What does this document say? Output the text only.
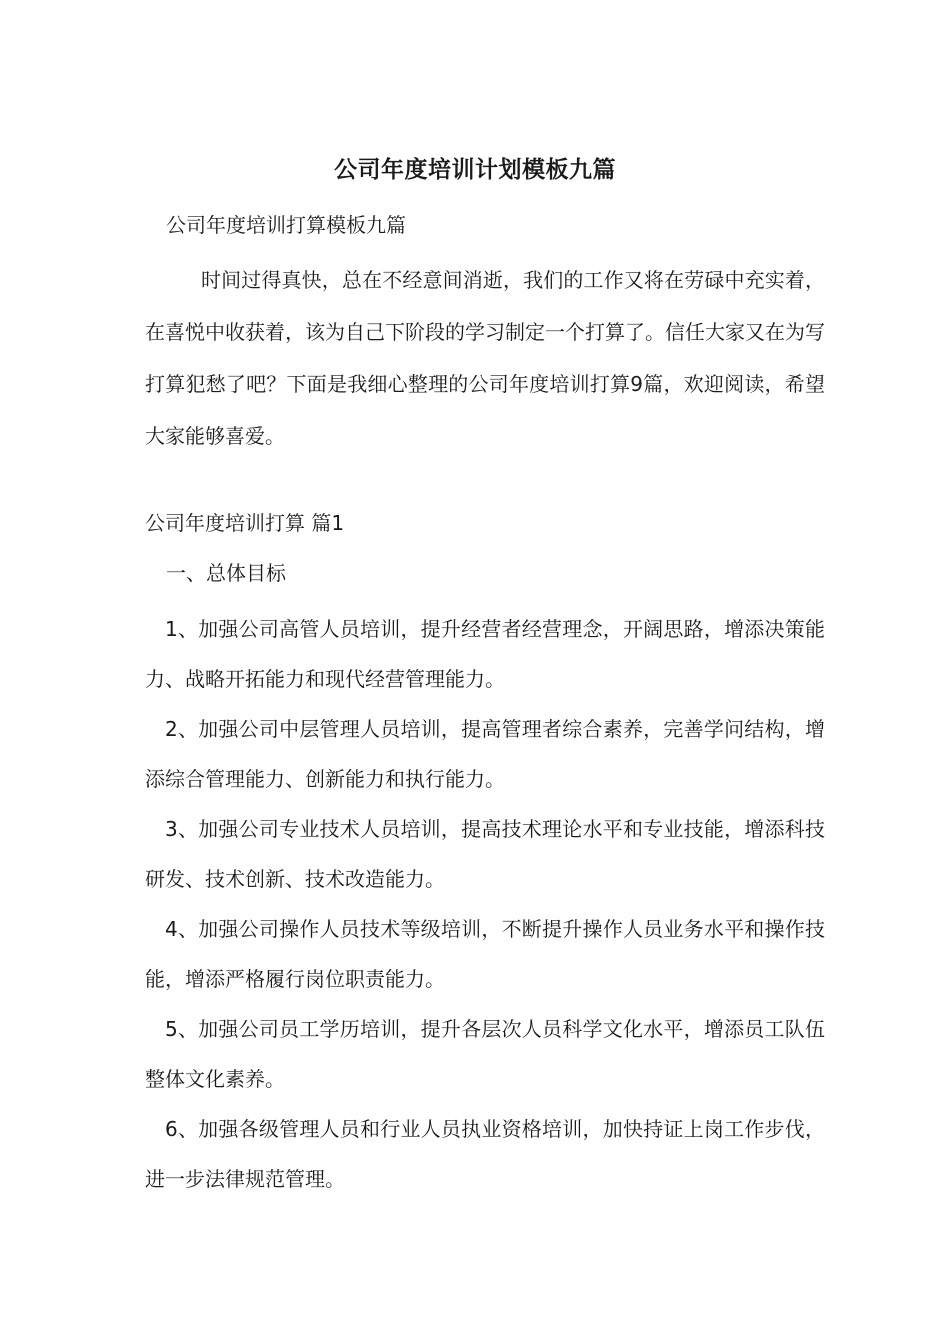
公司年度培训计划模板九篇
公司年度培训打算模板九篇

时间过得真快，总在不经意间消逝，我们的工作又将在劳碌中充实着，在喜悦中收获着，该为自己下阶段的学习制定一个打算了。信任大家又在为写打算犯愁了吧？下面是我细心整理的公司年度培训打算9篇，欢迎阅读，希望大家能够喜爱。

公司年度培训打算 篇1
一、总体目标

1、加强公司高管人员培训，提升经营者经营理念，开阔思路，增添决策能力、战略开拓能力和现代经营管理能力。

2、加强公司中层管理人员培训，提高管理者综合素养，完善学问结构，增添综合管理能力、创新能力和执行能力。

3、加强公司专业技术人员培训，提高技术理论水平和专业技能，增添科技研发、技术创新、技术改造能力。

4、加强公司操作人员技术等级培训，不断提升操作人员业务水平和操作技能，增添严格履行岗位职责能力。

5、加强公司员工学历培训，提升各层次人员科学文化水平，增添员工队伍整体文化素养。

6、加强各级管理人员和行业人员执业资格培训，加快持证上岗工作步伐，进一步法律规范管理。
